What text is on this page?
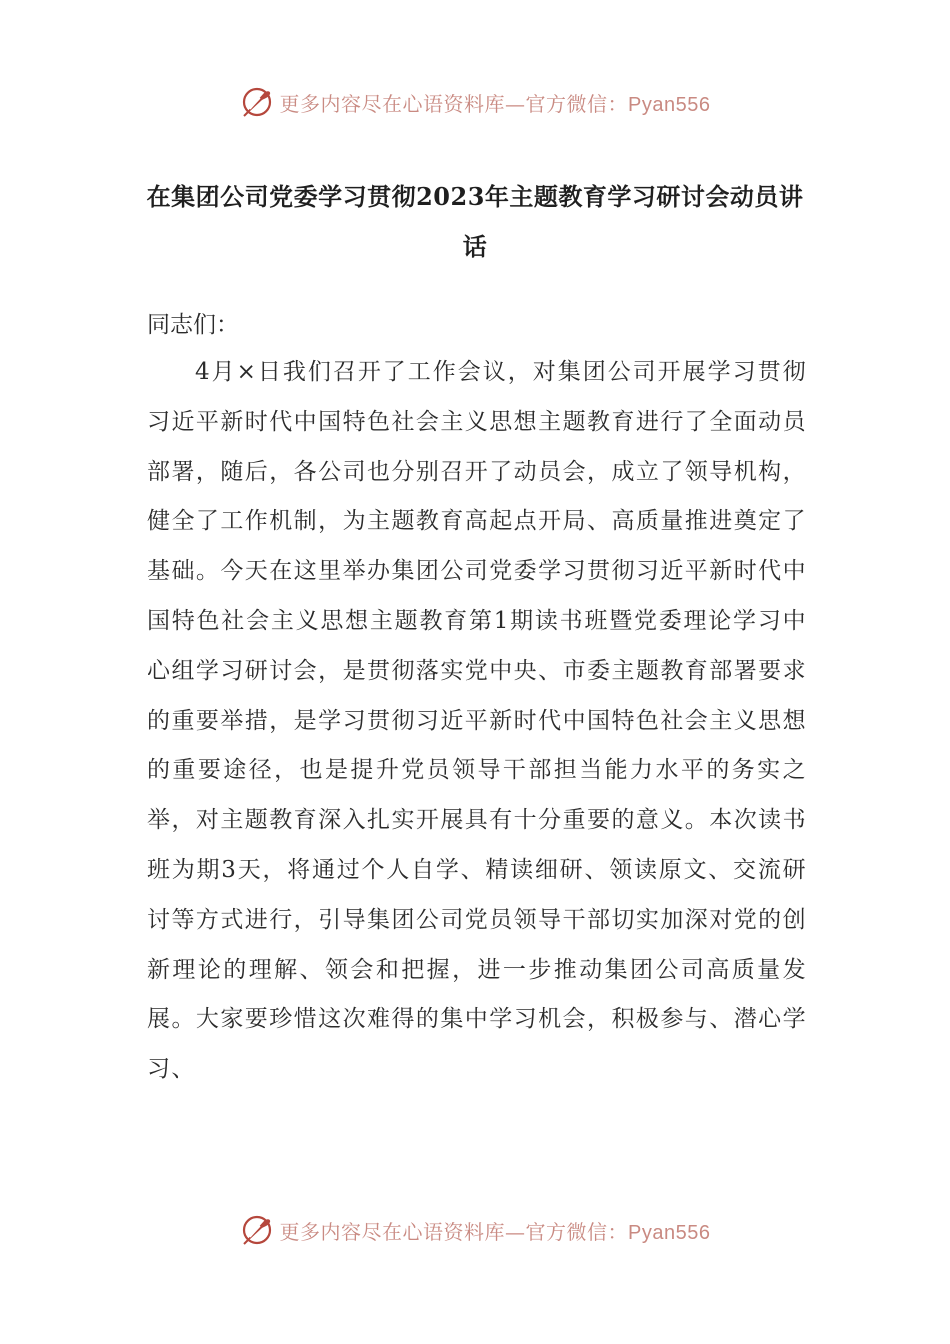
更多内容尽在心语资料库—官方微信：Pyan556
在集团公司党委学习贯彻2023年主题教育学习研讨会动员讲话
同志们：

4月×日我们召开了工作会议，对集团公司开展学习贯彻习近平新时代中国特色社会主义思想主题教育进行了全面动员部署，随后，各公司也分别召开了动员会，成立了领导机构，健全了工作机制，为主题教育高起点开局、高质量推进奠定了基础。今天在这里举办集团公司党委学习贯彻习近平新时代中国特色社会主义思想主题教育第1期读书班暨党委理论学习中心组学习研讨会，是贯彻落实党中央、市委主题教育部署要求的重要举措，是学习贯彻习近平新时代中国特色社会主义思想的重要途径，也是提升党员领导干部担当能力水平的务实之举，对主题教育深入扎实开展具有十分重要的意义。本次读书班为期3天，将通过个人自学、精读细研、领读原文、交流研讨等方式进行，引导集团公司党员领导干部切实加深对党的创新理论的理解、领会和把握，进一步推动集团公司高质量发展。大家要珍惜这次难得的集中学习机会，积极参与、潜心学习、

更多内容尽在心语资料库—官方微信：Pyan556
